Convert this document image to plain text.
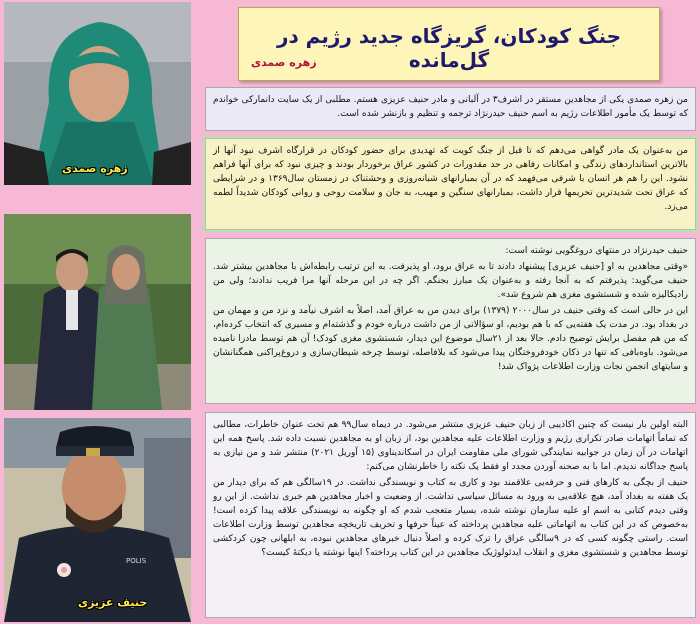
زهره صمدی
POLIS
حنیف عزیزی
جنگ کودکان، گریزگاه جدید رژیم در گل‌مانده
زهره صمدی

من زهره صمدی یکی از مجاهدین مستقر در اشرف۳ در آلبانی و مادر حنیف عزیزی هستم. مطلبی از یک سایت دانمارکی خواندم که توسط یک مأمور اطلاعات رژیم به اسم حنیف حیدرنژاد ترجمه و تنظیم و بازنشر شده است.

من به‌عنوان یک مادر گواهی می‌دهم که تا قبل از جنگ کویت که تهدیدی برای حضور کودکان در قرارگاه اشرف نبود آنها از بالاترین استانداردهای زندگی و امکانات رفاهی در حد مقدورات در کشور عراق برخوردار بودند و چیزی نبود که برای آنها فراهم نشود. این را هم هر انسان با شرفی می‌فهمد که در آن بمبارانهای شبانه‌روزی و وحشتناک در زمستان سال۱۳۶۹ و در شرایطی که عراق تحت شدیدترین تحریمها قرار داشت، بمبارانهای سنگین و مهیب، به جان و سلامت روحی و روانی کودکان شدیداً لطمه می‌زد.

حنیف حیدرنژاد در منتهای دروغگویی نوشته است:

«وقتی مجاهدین به او [حنیف عزیزی] پیشنهاد دادند تا به عراق برود، او پذیرفت. به این ترتیب رابطه‌اش با مجاهدین بیشتر شد. حنیف می‌گوید: پذیرفتم که به آنجا رفته و به‌عنوان یک مبارز بجنگم. اگر چه در این مرحله آنها مرا فریب ندادند؛ ولی من رادیکالیزه شده و شستشوی مغزی هم شروع شد».

این در حالی است که وقتی حنیف در سال۲۰۰۰ (۱۳۷۹) برای دیدن من به عراق آمد، اصلاً به اشرف نیآمد و نزد من و مهمان من در بغداد بود. در مدت یک هفته‌یی که با هم بودیم، او سؤالاتی از من داشت درباره خودم و گذشته‌ام و مسیری که انتخاب کرده‌ام، که من هم مفصل برایش توضیح دادم. حالا بعد از ۲۱سال موضوع این دیدار، شستشوی مغزی کودک! آن هم توسط مادرا نامیده می‌شود. باوه‌بافی که تنها در ذکان خودفروختگان پیدا می‌شود که بلافاصله، توسط چرخه شیطان‌سازی و دروغ‌پراکنی همگنانشان و سایتهای انجمن نجات وزارت اطلاعات پژواک شد!

البته اولین بار نیست که چنین اکاذیبی از زبان حنیف عزیزی منتشر می‌شود. در دیماه سال۹۹ هم تحت عنوان خاطرات، مطالبی که تماماً اتهامات صادر تکراری رژیم و وزارت اطلاعات علیه مجاهدین بود، از زبان او به مجاهدین نسبت داده شد. پاسخ همه این اتهامات در آن زمان در جوابیه نمایندگی شورای ملی مقاومت ایران در اسکاندیناوی (۱۵ آوریل ۲۰۲۱) منتشر شد و من نیازی به پاسخ جداگانه ندیدم. اما با به صحنه آوردن مجدد او فقط یک نکته را خاطرنشان می‌کنم:

حنیف از بچگی به کارهای فنی و حرفه‌یی علاقمند بود و کاری به کتاب و نویسندگی نداشت. در ۱۹سالگی هم که برای دیدار من یک هفته به بغداد آمد، هیچ علاقه‌یی به ورود به مسائل سیاسی نداشت. از وضعیت و اخبار مجاهدین هم خبری نداشت. از این رو وقتی دیدم کتابی به اسم او علیه سازمان نوشته شده، بسیار متعجب شدم که او چگونه به نویسندگی علاقه پیدا کرده است! به‌خصوص که در این کتاب به اتهاماتی علیه مجاهدین پرداخته که عیناً حرفها و تحریف تاریخچه مجاهدین توسط وزارت اطلاعات است. راستی چگونه کسی که در ۹سالگی عراق را ترک کرده و اصلاً دنبال خبرهای مجاهدین نبوده، به ابلهانی چون کردکشی توسط مجاهدین و شستشوی مغزی و انقلاب ایدئولوژیک مجاهدین در این کتاب پرداخته؟ اینها نوشته یا دیکتهٔ کیست؟
